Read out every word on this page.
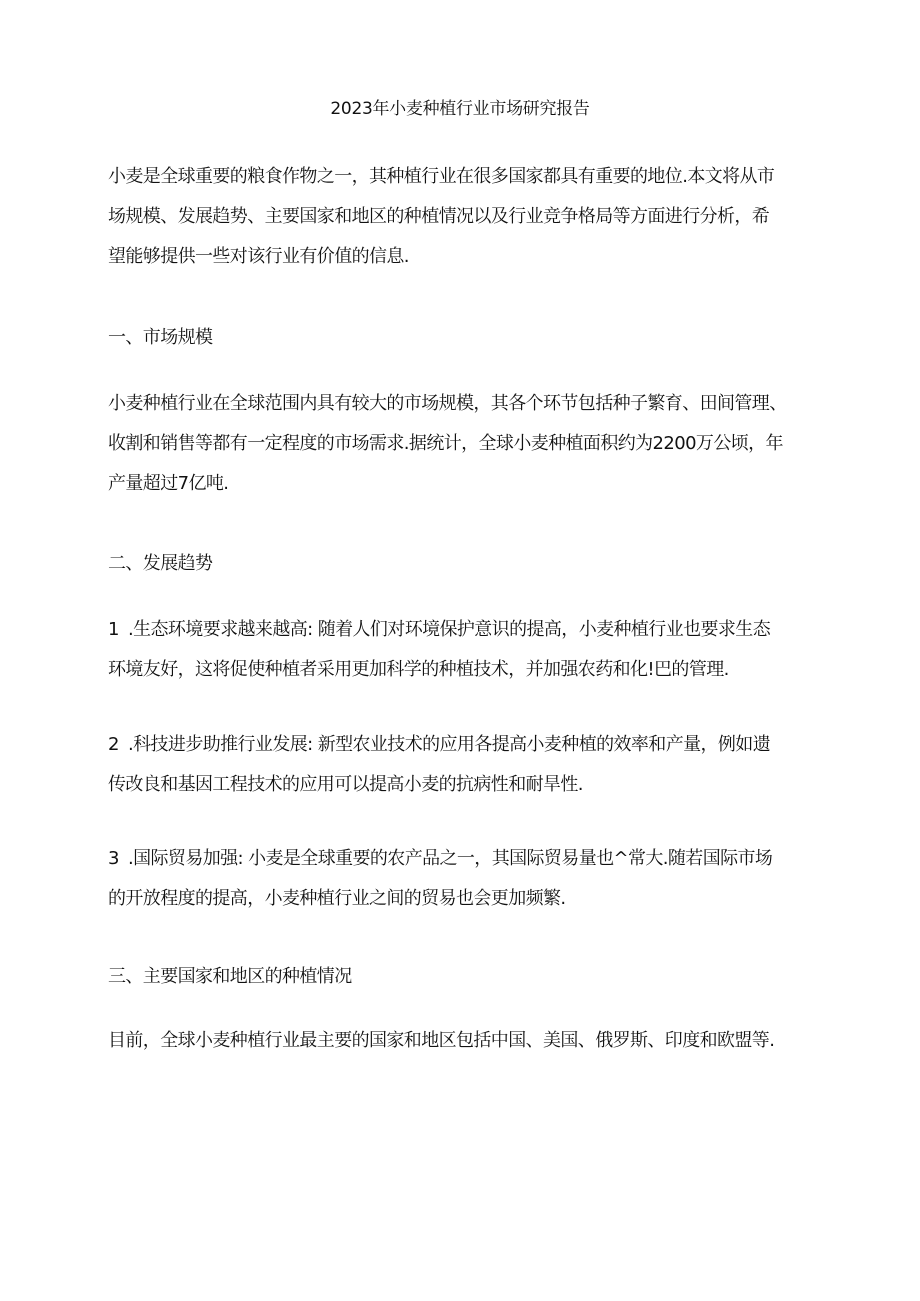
2023年小麦种植行业市场研究报告
小麦是全球重要的粮食作物之一，其种植行业在很多国家都具有重要的地位.本文将从市
场规模、发展趋势、主要国家和地区的种植情况以及行业竞争格局等方面进行分析，希
望能够提供一些对该行业有价值的信息.
一、市场规模
小麦种植行业在全球范围内具有较大的市场规模，其各个环节包括种子繁育、田间管理、
收割和销售等都有一定程度的市场需求.据统计，全球小麦种植面积约为2200万公顷，年
产量超过7亿吨.
二、发展趋势
1 .生态环境要求越来越高: 随着人们对环境保护意识的提高，小麦种植行业也要求生态
环境友好，这将促使种植者采用更加科学的种植技术，并加强农药和化!巴的管理.
2 .科技进步助推行业发展: 新型农业技术的应用各提高小麦种植的效率和产量，例如遗
传改良和基因工程技术的应用可以提高小麦的抗病性和耐旱性.
3 .国际贸易加强: 小麦是全球重要的农产品之一，其国际贸易量也^常大.随若国际市场
的开放程度的提高，小麦种植行业之间的贸易也会更加频繁.
三、主要国家和地区的种植情况
目前，全球小麦种植行业最主要的国家和地区包括中国、美国、俄罗斯、印度和欧盟等.
